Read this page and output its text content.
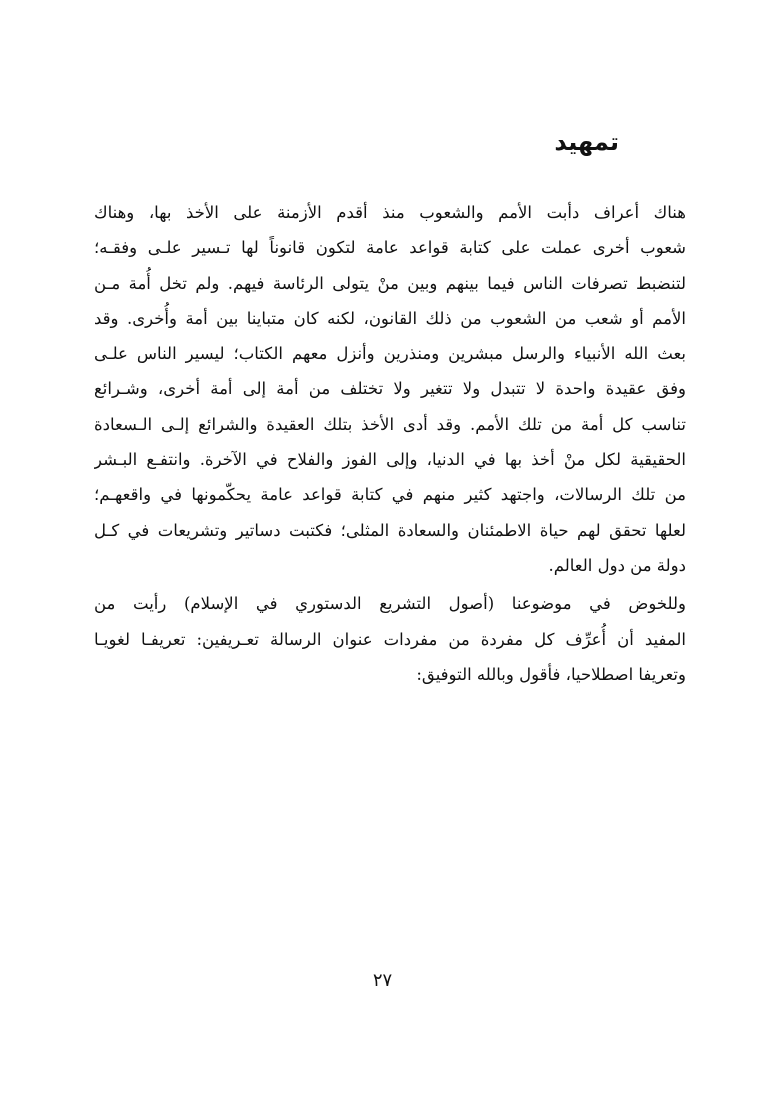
تمهيد
هناك أعراف دأبت الأمم والشعوب منذ أقدم الأزمنة على الأخذ بها، وهناك
شعوب أخرى عملت على كتابة قواعد عامة لتكون قانوناً لها تـسير علـى وفقـه؛
لتنضبط تصرفات الناس فيما بينهم وبين منْ يتولى الرئاسة فيهم. ولم تخل أُمة مـن
الأمم أو شعب من الشعوب من ذلك القانون، لكنه كان متباينا بين أمة وأُخرى. وقد
بعث الله الأنبياء والرسل مبشرين ومنذرين وأنزل معهم الكتاب؛ ليسير الناس علـى
وفق عقيدة واحدة لا تتبدل ولا تتغير ولا تختلف من أمة إلى أمة أخرى، وشـرائع
تناسب كل أمة من تلك الأمم. وقد أدى الأخذ بتلك العقيدة والشرائع إلـى الـسعادة
الحقيقية لكل منْ أخذ بها في الدنيا، وإلى الفوز والفلاح في الآخرة. وانتفـع البـشر
من تلك الرسالات، واجتهد كثير منهم في كتابة قواعد عامة يحكّمونها في واقعهـم؛
لعلها تحقق لهم حياة الاطمئنان والسعادة المثلى؛ فكتبت دساتير وتشريعات في كـل
دولة من دول العالم.
وللخوض في موضوعنا (أصول التشريع الدستوري في الإسلام) رأيت من
المفيد أن أُعرِّف كل مفردة من مفردات عنوان الرسالة تعـريفين: تعريفـا لغويـا
وتعريفا اصطلاحيا، فأقول وبالله التوفيق:
٢٧
